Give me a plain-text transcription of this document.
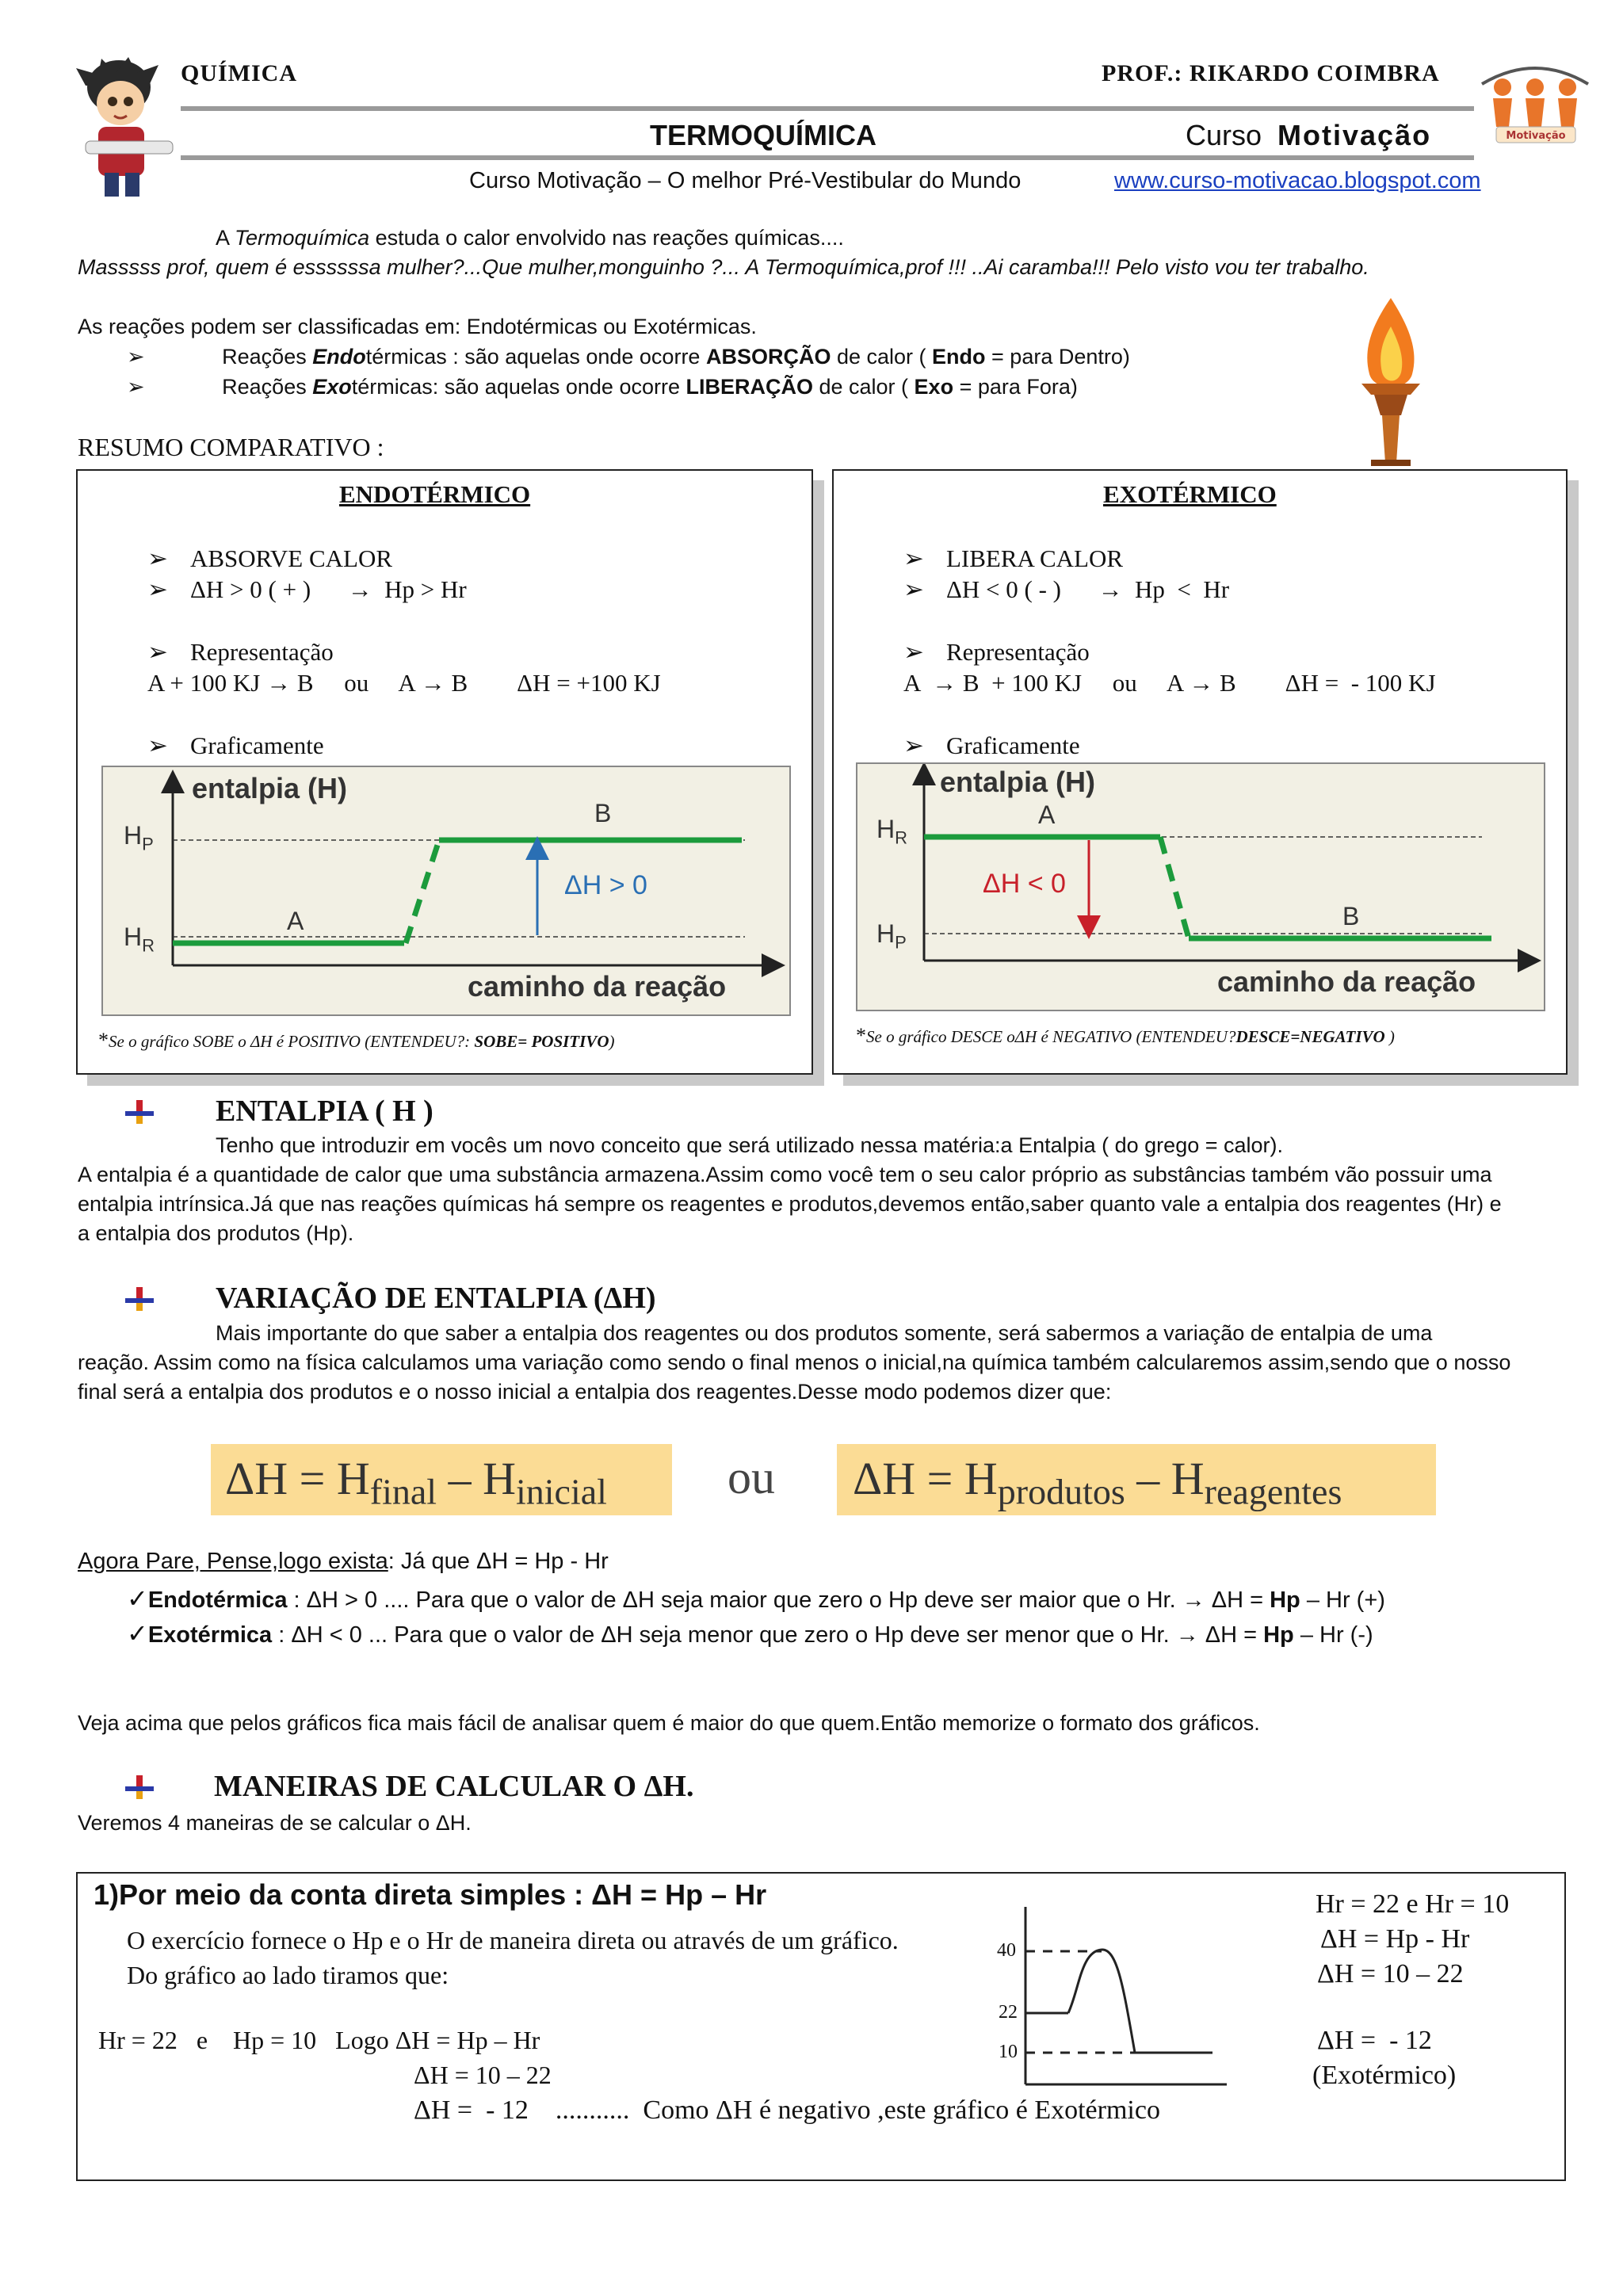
QUÍMICA	PROF.: RIKARDO COIMBRA
Motivação
TERMOQUÍMICA	Curso Motivação
Curso Motivação – O melhor Pré-Vestibular do Mundo	www.curso-motivacao.blogspot.com
A Termoquímica estuda o calor envolvido nas reações químicas....
Masssss prof, quem é essssssa mulher?...Que mulher,monguinho ?... A Termoquímica,prof !!! ..Ai caramba!!! Pelo visto vou ter trabalho.
As reações podem ser classificadas em: Endotérmicas ou Exotérmicas.
➢	Reações Endotérmicas : são aquelas onde ocorre ABSORÇÃO de calor ( Endo = para Dentro)
➢	Reações Exotérmicas: são aquelas onde ocorre LIBERAÇÃO de calor ( Exo = para Fora)
RESUMO COMPARATIVO :
ENDOTÉRMICO
➢ ABSORVE CALOR
➢ ΔH > 0 ( + )      →  Hp > Hr
➢ Representação
A + 100 KJ → B     ou     A → B        ΔH = +100 KJ
➢ Graficamente
entalpia (H)
$H_P$
$H_R$
A
B
ΔH > 0
caminho da reação
*Se o gráfico SOBE o ΔH é POSITIVO (ENTENDEU?: SOBE= POSITIVO)
EXOTÉRMICO
➢ LIBERA CALOR
➢ ΔH < 0 ( - )      →  Hp  <  Hr
➢ Representação
A  → B  + 100 KJ     ou     A → B        ΔH =  - 100 KJ
➢ Graficamente
entalpia (H)
$H_R$
$H_P$
A
B
ΔH < 0
caminho da reação
*Se o gráfico DESCE oΔH é NEGATIVO (ENTENDEU?DESCE=NEGATIVO )
ENTALPIA ( H )
Tenho que introduzir em vocês um novo conceito que será utilizado nessa matéria:a Entalpia ( do grego = calor).
A entalpia é a quantidade de calor que uma substância armazena.Assim como você tem o seu calor próprio as substâncias também vão possuir uma
entalpia intrínsica.Já que nas reações químicas há sempre os reagentes e produtos,devemos então,saber quanto vale a entalpia dos reagentes (Hr) e
a entalpia dos produtos (Hp).
VARIAÇÃO DE ENTALPIA (ΔH)
Mais importante do que saber a entalpia dos reagentes ou dos produtos somente, será sabermos a variação de entalpia de uma
reação. Assim como na física calculamos uma variação como sendo o final menos o inicial,na química também calcularemos assim,sendo que o nosso
final será a entalpia dos produtos e o nosso inicial a entalpia dos reagentes.Desse modo podemos dizer que:
$\Delta H = H_{final} - H_{inicial}$	ou $\Delta H = H_{produtos} - H_{reagentes}$
Agora Pare, Pense,logo exista: Já que ΔH = Hp - Hr
✓Endotérmica : ΔH > 0 .... Para que o valor de ΔH seja maior que zero o Hp deve ser maior que o Hr. → ΔH = Hp – Hr (+)
✓Exotérmica : ΔH < 0 ... Para que o valor de ΔH seja menor que zero o Hp deve ser menor que o Hr. → ΔH = Hp – Hr (-)
Veja acima que pelos gráficos fica mais fácil de analisar quem é maior do que quem.Então memorize o formato dos gráficos.
MANEIRAS DE CALCULAR O ΔH.
Veremos 4 maneiras de se calcular o ΔH.
1)Por meio da conta direta simples : ΔH = Hp – Hr
O exercício fornece o Hp e o Hr de maneira direta ou através de um gráfico.
Do gráfico ao lado tiramos que:
Hr = 22   e    Hp = 10   Logo ΔH = Hp – Hr
ΔH = 10 – 22
ΔH =  - 12    ...........  Como ΔH é negativo ,este gráfico é Exotérmico
40
22
10
Hr = 22 e Hr = 10
ΔH = Hp - Hr
ΔH = 10 – 22
ΔH =  - 12
(Exotérmico)
